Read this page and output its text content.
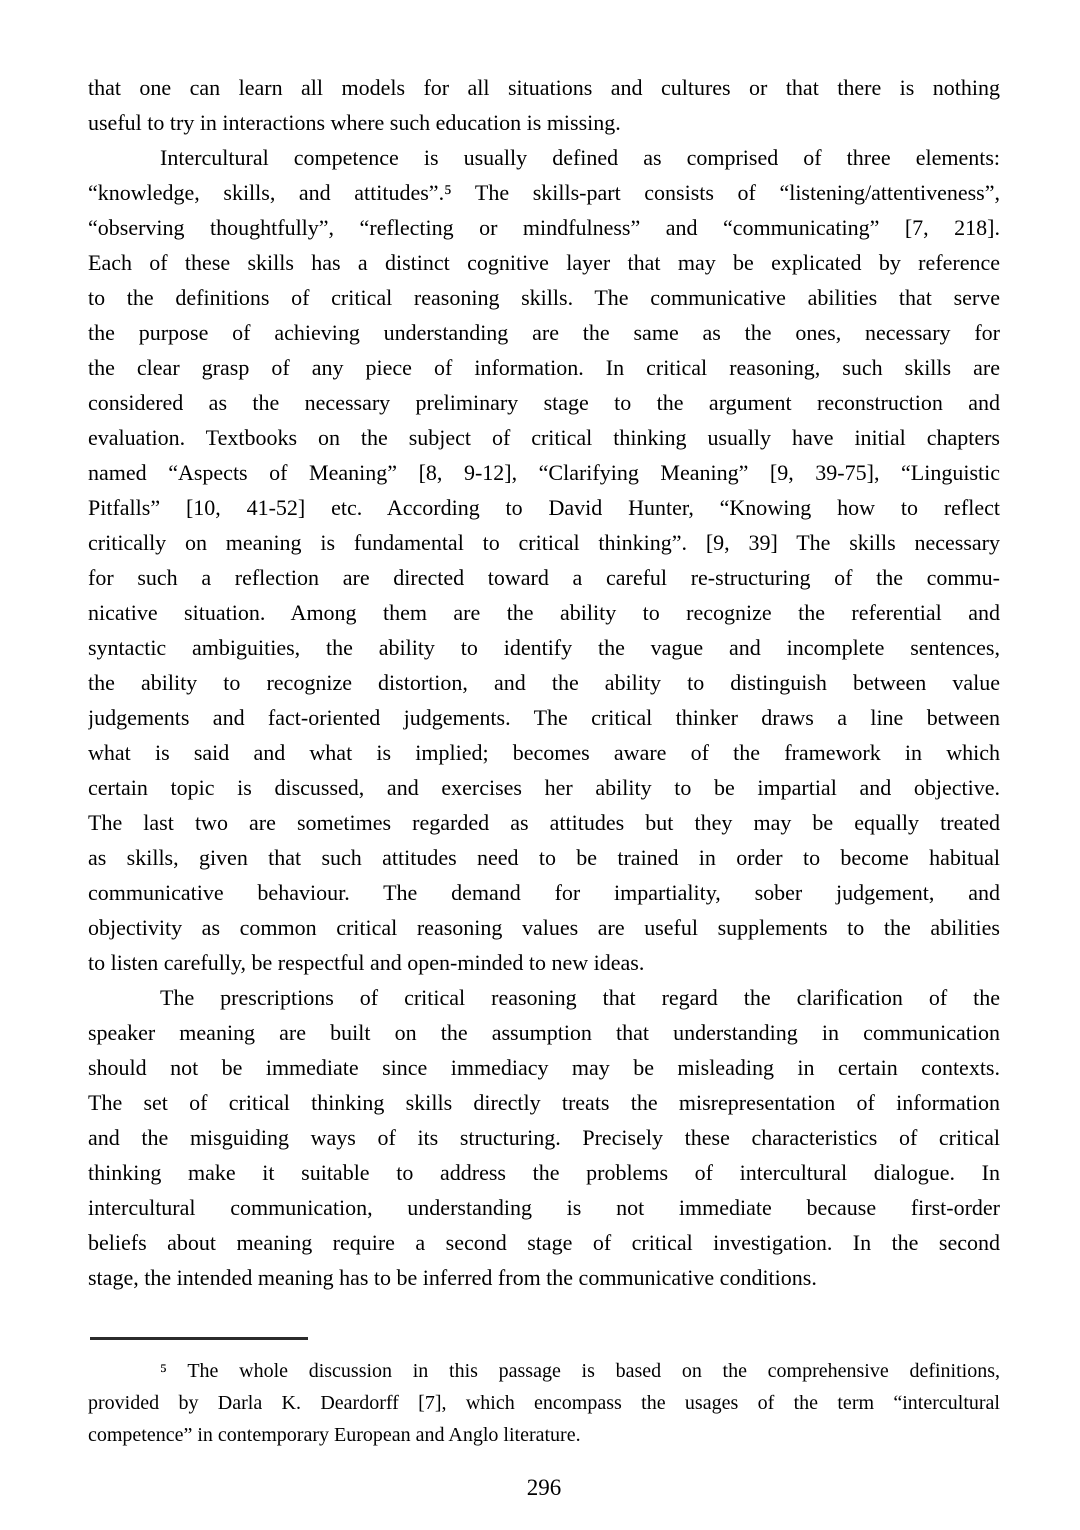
that one can learn all models for all situations and cultures or that there is nothing
useful to try in interactions where such education is missing.
Intercultural competence is usually defined as comprised of three elements:
“knowledge, skills, and attitudes”.⁵ The skills-part consists of “listening/attentiveness”,
“observing thoughtfully”, “reflecting or mindfulness” and “communicating” [7, 218].
Each of these skills has a distinct cognitive layer that may be explicated by reference
to the definitions of critical reasoning skills. The communicative abilities that serve
the purpose of achieving understanding are the same as the ones, necessary for
the clear grasp of any piece of information. In critical reasoning, such skills are
considered as the necessary preliminary stage to the argument reconstruction and
evaluation. Textbooks on the subject of critical thinking usually have initial chapters
named “Aspects of Meaning” [8, 9-12], “Clarifying Meaning” [9, 39-75], “Linguistic
Pitfalls” [10, 41-52] etc. According to David Hunter, “Knowing how to reflect
critically on meaning is fundamental to critical thinking”. [9, 39] The skills necessary
for such a reflection are directed toward a careful re-structuring of the commu-
nicative situation. Among them are the ability to recognize the referential and
syntactic ambiguities, the ability to identify the vague and incomplete sentences,
the ability to recognize distortion, and the ability to distinguish between value
judgements and fact-oriented judgements. The critical thinker draws a line between
what is said and what is implied; becomes aware of the framework in which
certain topic is discussed, and exercises her ability to be impartial and objective.
The last two are sometimes regarded as attitudes but they may be equally treated
as skills, given that such attitudes need to be trained in order to become habitual
communicative behaviour. The demand for impartiality, sober judgement, and
objectivity as common critical reasoning values are useful supplements to the abilities
to listen carefully, be respectful and open-minded to new ideas.
The prescriptions of critical reasoning that regard the clarification of the
speaker meaning are built on the assumption that understanding in communication
should not be immediate since immediacy may be misleading in certain contexts.
The set of critical thinking skills directly treats the misrepresentation of information
and the misguiding ways of its structuring. Precisely these characteristics of critical
thinking make it suitable to address the problems of intercultural dialogue. In
intercultural communication, understanding is not immediate because first-order
beliefs about meaning require a second stage of critical investigation. In the second
stage, the intended meaning has to be inferred from the communicative conditions.
⁵ The whole discussion in this passage is based on the comprehensive definitions,
provided by Darla K. Deardorff [7], which encompass the usages of the term “intercultural
competence” in contemporary European and Anglo literature.
296
